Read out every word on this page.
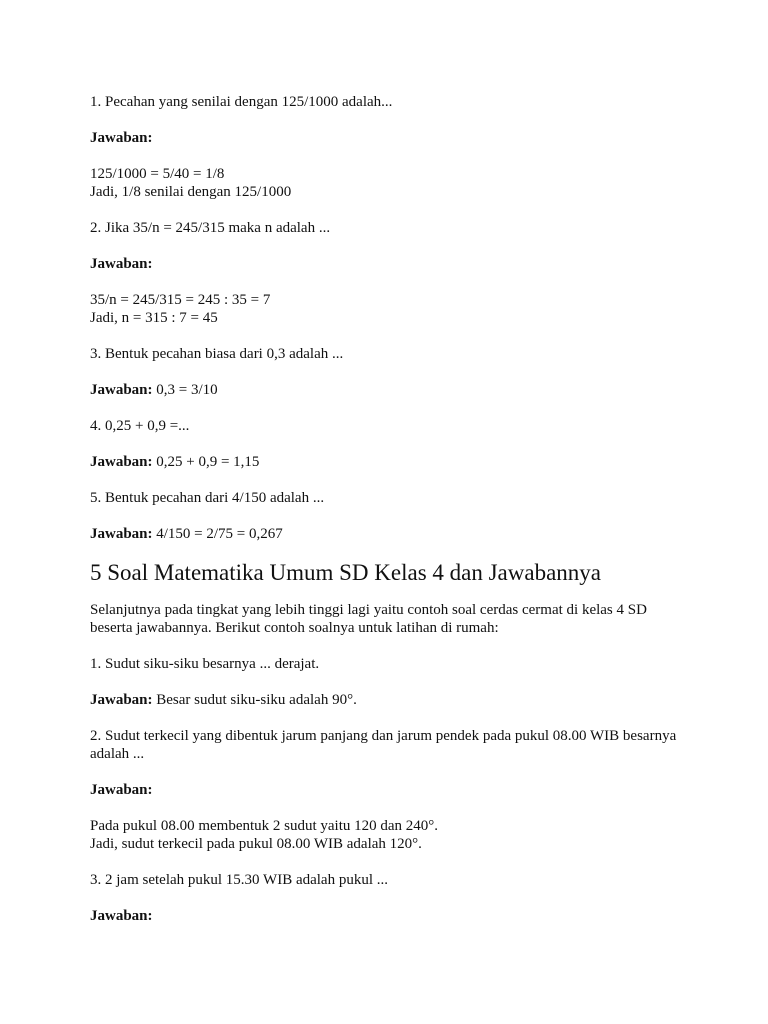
1. Pecahan yang senilai dengan 125/1000 adalah...

Jawaban:

125/1000 = 5/40 = 1/8
Jadi, 1/8 senilai dengan 125/1000

2. Jika 35/n = 245/315 maka n adalah ...

Jawaban:

35/n = 245/315 = 245 : 35 = 7
Jadi, n = 315 : 7 = 45

3. Bentuk pecahan biasa dari 0,3 adalah ...

Jawaban: 0,3 = 3/10

4. 0,25 + 0,9 =...

Jawaban: 0,25 + 0,9 = 1,15

5. Bentuk pecahan dari 4/150 adalah ...

Jawaban: 4/150 = 2/75 = 0,267

5 Soal Matematika Umum SD Kelas 4 dan Jawabannya

Selanjutnya pada tingkat yang lebih tinggi lagi yaitu contoh soal cerdas cermat di kelas 4 SD beserta jawabannya. Berikut contoh soalnya untuk latihan di rumah:

1. Sudut siku-siku besarnya ... derajat.

Jawaban: Besar sudut siku-siku adalah 90°.

2. Sudut terkecil yang dibentuk jarum panjang dan jarum pendek pada pukul 08.00 WIB besarnya adalah ...

Jawaban:

Pada pukul 08.00 membentuk 2 sudut yaitu 120 dan 240°.
Jadi, sudut terkecil pada pukul 08.00 WIB adalah 120°.

3. 2 jam setelah pukul 15.30 WIB adalah pukul ...

Jawaban:
